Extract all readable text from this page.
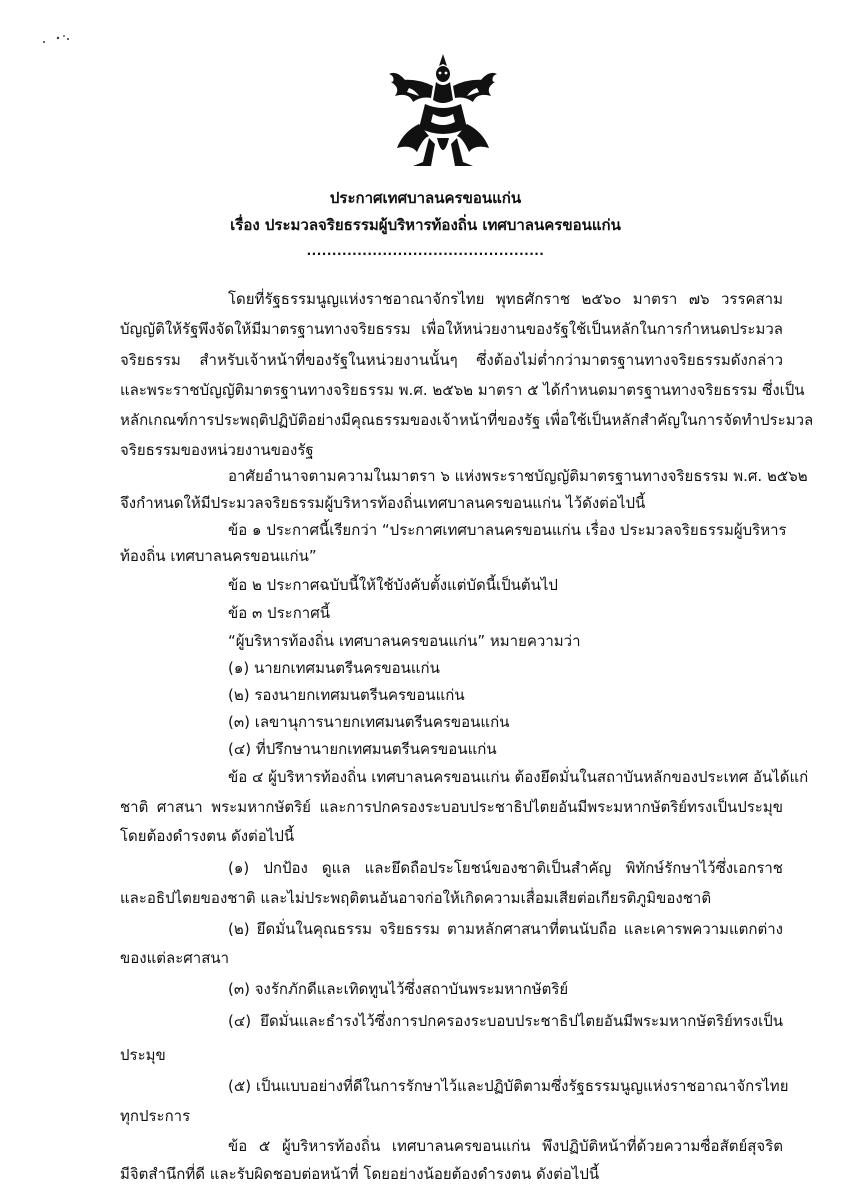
ประกาศเทศบาลนครขอนแก่น
เรื่อง ประมวลจริยธรรมผู้บริหารท้องถิ่น เทศบาลนครขอนแก่น
...............................................
โดยที่รัฐธรรมนูญแห่งราชอาณาจักรไทย พุทธศักราช ๒๕๖๐ มาตรา ๗๖ วรรคสาม
บัญญัติให้รัฐพึงจัดให้มีมาตรฐานทางจริยธรรม เพื่อให้หน่วยงานของรัฐใช้เป็นหลักในการกำหนดประมวล
จริยธรรม สำหรับเจ้าหน้าที่ของรัฐในหน่วยงานนั้นๆ ซึ่งต้องไม่ต่ำกว่ามาตรฐานทางจริยธรรมดังกล่าว
และพระราชบัญญัติมาตรฐานทางจริยธรรม พ.ศ. ๒๕๖๒ มาตรา ๕ ได้กำหนดมาตรฐานทางจริยธรรม ซึ่งเป็น
หลักเกณฑ์การประพฤติปฏิบัติอย่างมีคุณธรรมของเจ้าหน้าที่ของรัฐ เพื่อใช้เป็นหลักสำคัญในการจัดทำประมวล
จริยธรรมของหน่วยงานของรัฐ
อาศัยอำนาจตามความในมาตรา ๖ แห่งพระราชบัญญัติมาตรฐานทางจริยธรรม พ.ศ. ๒๕๖๒
จึงกำหนดให้มีประมวลจริยธรรมผู้บริหารท้องถิ่นเทศบาลนครขอนแก่น ไว้ดังต่อไปนี้
ข้อ ๑ ประกาศนี้เรียกว่า “ประกาศเทศบาลนครขอนแก่น เรื่อง ประมวลจริยธรรมผู้บริหาร
ท้องถิ่น เทศบาลนครขอนแก่น”
ข้อ ๒ ประกาศฉบับนี้ให้ใช้บังคับตั้งแต่บัดนี้เป็นต้นไป
ข้อ ๓ ประกาศนี้
“ผู้บริหารท้องถิ่น เทศบาลนครขอนแก่น” หมายความว่า
(๑) นายกเทศมนตรีนครขอนแก่น
(๒) รองนายกเทศมนตรีนครขอนแก่น
(๓) เลขานุการนายกเทศมนตรีนครขอนแก่น
(๔) ที่ปรึกษานายกเทศมนตรีนครขอนแก่น
ข้อ ๔ ผู้บริหารท้องถิ่น เทศบาลนครขอนแก่น ต้องยึดมั่นในสถาบันหลักของประเทศ อันได้แก่
ชาติ ศาสนา พระมหากษัตริย์ และการปกครองระบอบประชาธิปไตยอันมีพระมหากษัตริย์ทรงเป็นประมุข
โดยต้องดำรงตน ดังต่อไปนี้
(๑) ปกป้อง ดูแล และยึดถือประโยชน์ของชาติเป็นสำคัญ พิทักษ์รักษาไว้ซึ่งเอกราช
และอธิปไตยของชาติ และไม่ประพฤติตนอันอาจก่อให้เกิดความเสื่อมเสียต่อเกียรติภูมิของชาติ
(๒) ยึดมั่นในคุณธรรม จริยธรรม ตามหลักศาสนาที่ตนนับถือ และเคารพความแตกต่าง
ของแต่ละศาสนา
(๓) จงรักภักดีและเทิดทูนไว้ซึ่งสถาบันพระมหากษัตริย์
(๔) ยึดมั่นและธำรงไว้ซึ่งการปกครองระบอบประชาธิปไตยอันมีพระมหากษัตริย์ทรงเป็น
ประมุข
(๕) เป็นแบบอย่างที่ดีในการรักษาไว้และปฏิบัติตามซึ่งรัฐธรรมนูญแห่งราชอาณาจักรไทย
ทุกประการ
ข้อ ๕ ผู้บริหารท้องถิ่น เทศบาลนครขอนแก่น พึงปฏิบัติหน้าที่ด้วยความซื่อสัตย์สุจริต
มีจิตสำนึกที่ดี และรับผิดชอบต่อหน้าที่ โดยอย่างน้อยต้องดำรงตน ดังต่อไปนี้
